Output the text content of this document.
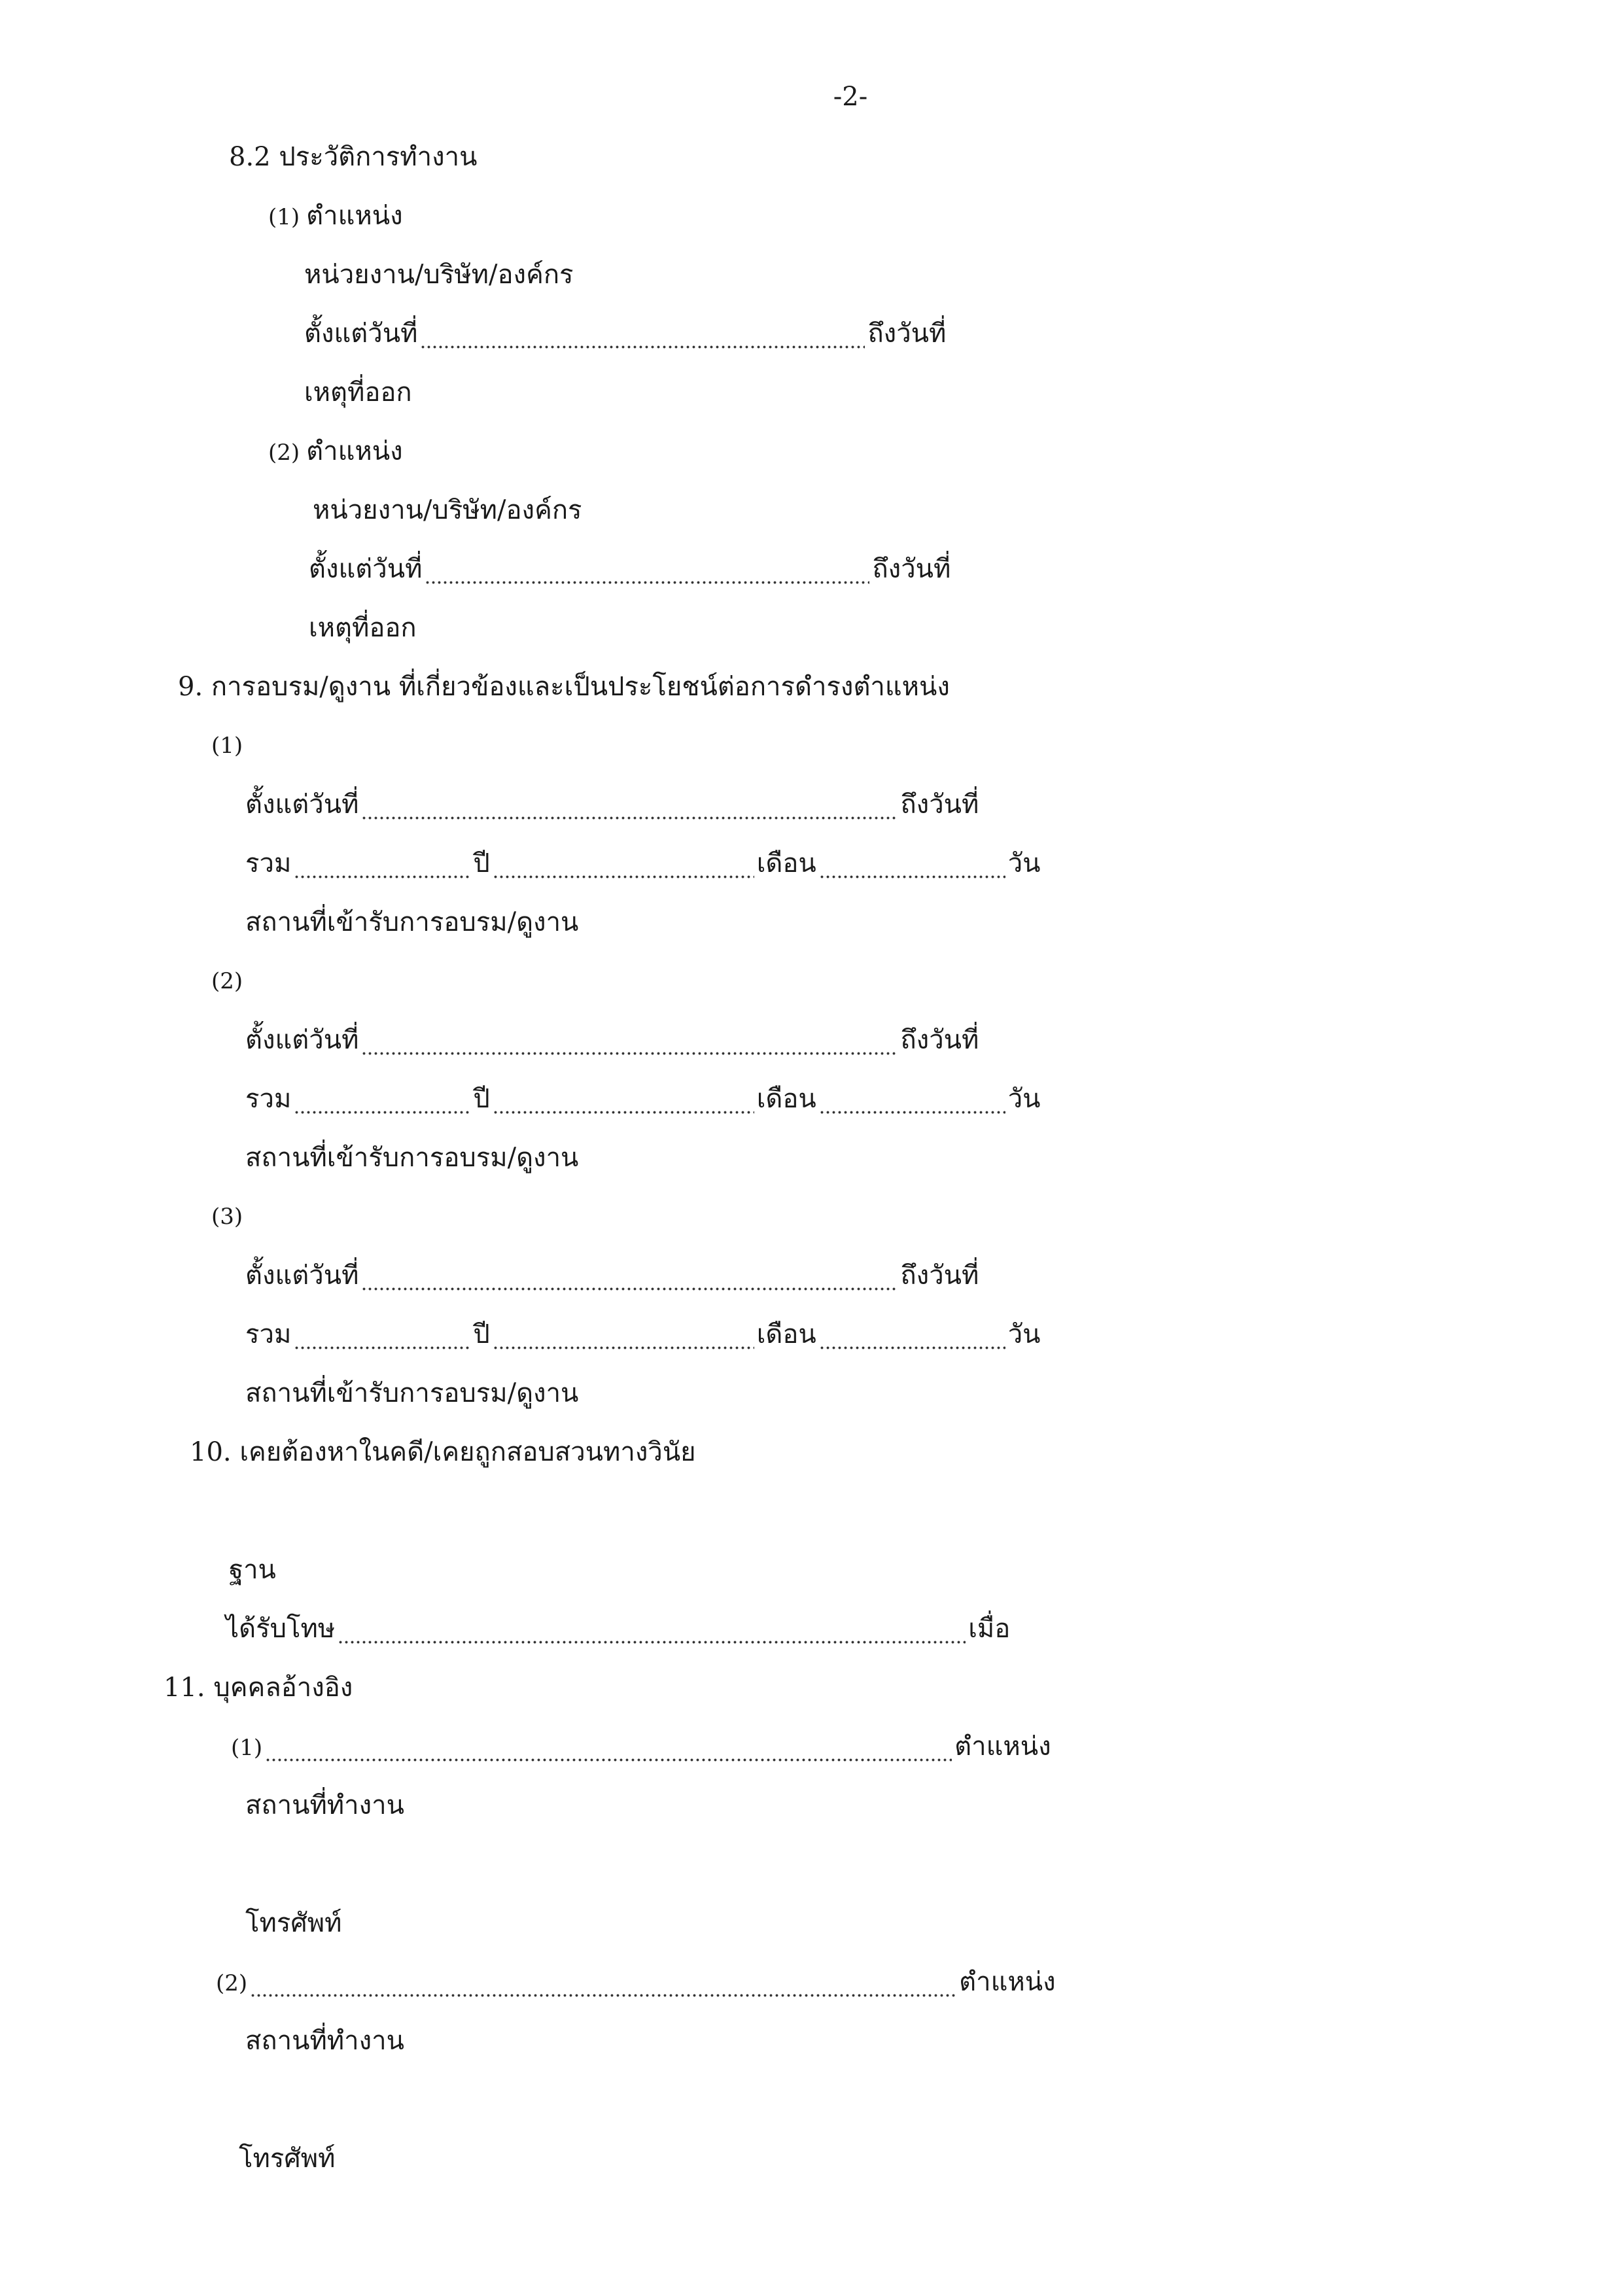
-2-
8.2 ประวัติการทำงาน
(1) ตำแหน่ง
หน่วยงาน/บริษัท/องค์กร
ตั้งแต่วันที่	ถึงวันที่
เหตุที่ออก
(2) ตำแหน่ง
หน่วยงาน/บริษัท/องค์กร
ตั้งแต่วันที่	ถึงวันที่
เหตุที่ออก
9. การอบรม/ดูงาน ที่เกี่ยวข้องและเป็นประโยชน์ต่อการดำรงตำแหน่ง
(1)
ตั้งแต่วันที่	ถึงวันที่
รวม	ปี	เดือน	วัน
สถานที่เข้ารับการอบรม/ดูงาน
(2)
ตั้งแต่วันที่	ถึงวันที่
รวม	ปี	เดือน	วัน
สถานที่เข้ารับการอบรม/ดูงาน
(3)
ตั้งแต่วันที่	ถึงวันที่
รวม	ปี	เดือน	วัน
สถานที่เข้ารับการอบรม/ดูงาน
10. เคยต้องหาในคดี/เคยถูกสอบสวนทางวินัย
ฐาน
ได้รับโทษ	เมื่อ
11. บุคคลอ้างอิง
(1)	ตำแหน่ง
สถานที่ทำงาน
โทรศัพท์
(2)	ตำแหน่ง
สถานที่ทำงาน
โทรศัพท์
